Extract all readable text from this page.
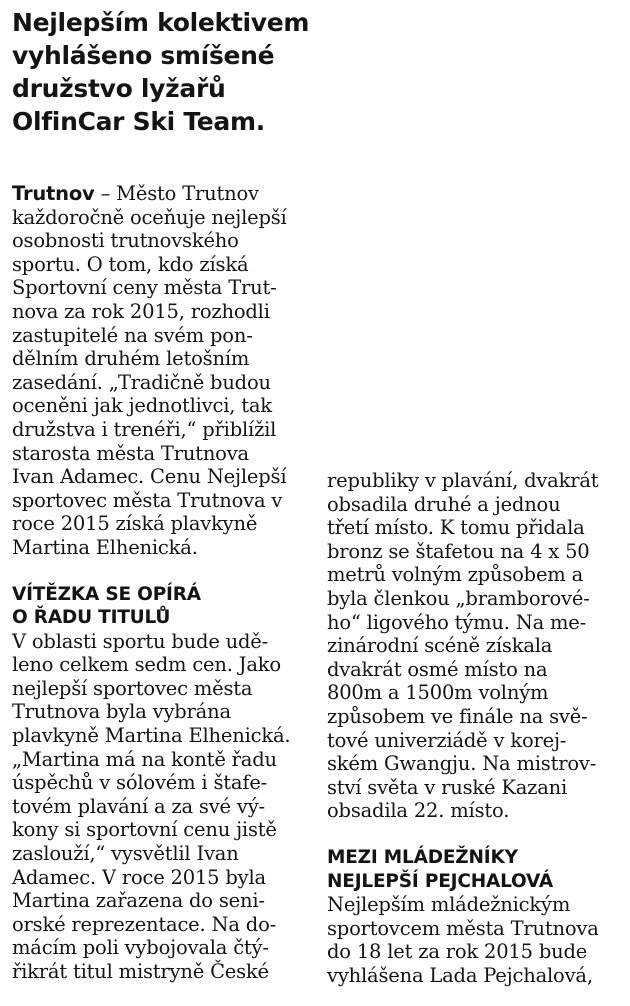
Nejlepším kolektivem
vyhlášeno smíšené
družstvo lyžařů
OlfinCar Ski Team.

Trutnov – Město Trutnov
každoročně oceňuje nejlepší
osobnosti trutnovského
sportu. O tom, kdo získá
Sportovní ceny města Trut-
nova za rok 2015, rozhodli
zastupitelé na svém pon-
dělním druhém letošním
zasedání. „Tradičně budou
oceněni jak jednotlivci, tak
družstva i trenéři,“ přiblížil
starosta města Trutnova
Ivan Adamec. Cenu Nejlepší
sportovec města Trutnova v
roce 2015 získá plavkyně
Martina Elhenická.

VÍTĚZKA SE OPÍRÁ
O ŘADU TITULŮ

V oblasti sportu bude udě-
leno celkem sedm cen. Jako
nejlepší sportovec města
Trutnova byla vybrána
plavkyně Martina Elhenická.
„Martina má na kontě řadu
úspěchů v sólovém i štafe-
tovém plavání a za své vý-
kony si sportovní cenu jistě
zaslouží,“ vysvětlil Ivan
Adamec. V roce 2015 byla
Martina zařazena do seni-
orské reprezentace. Na do-
mácím poli vybojovala čtý-
řikrát titul mistryně České

republiky v plavání, dvakrát
obsadila druhé a jednou
třetí místo. K tomu přidala
bronz se štafetou na 4 x 50
metrů volným způsobem a
byla členkou „bramborové-
ho“ ligového týmu. Na me-
zinárodní scéně získala
dvakrát osmé místo na
800m a 1500m volným
způsobem ve finále na svě-
tové univerziádě v korej-
ském Gwangju. Na mistrov-
ství světa v ruské Kazani
obsadila 22. místo.

MEZI MLÁDEŽNÍKY
NEJLEPŠÍ PEJCHALOVÁ

Nejlepším mládežnickým
sportovcem města Trutnova
do 18 let za rok 2015 bude
vyhlášena Lada Pejchalová,
